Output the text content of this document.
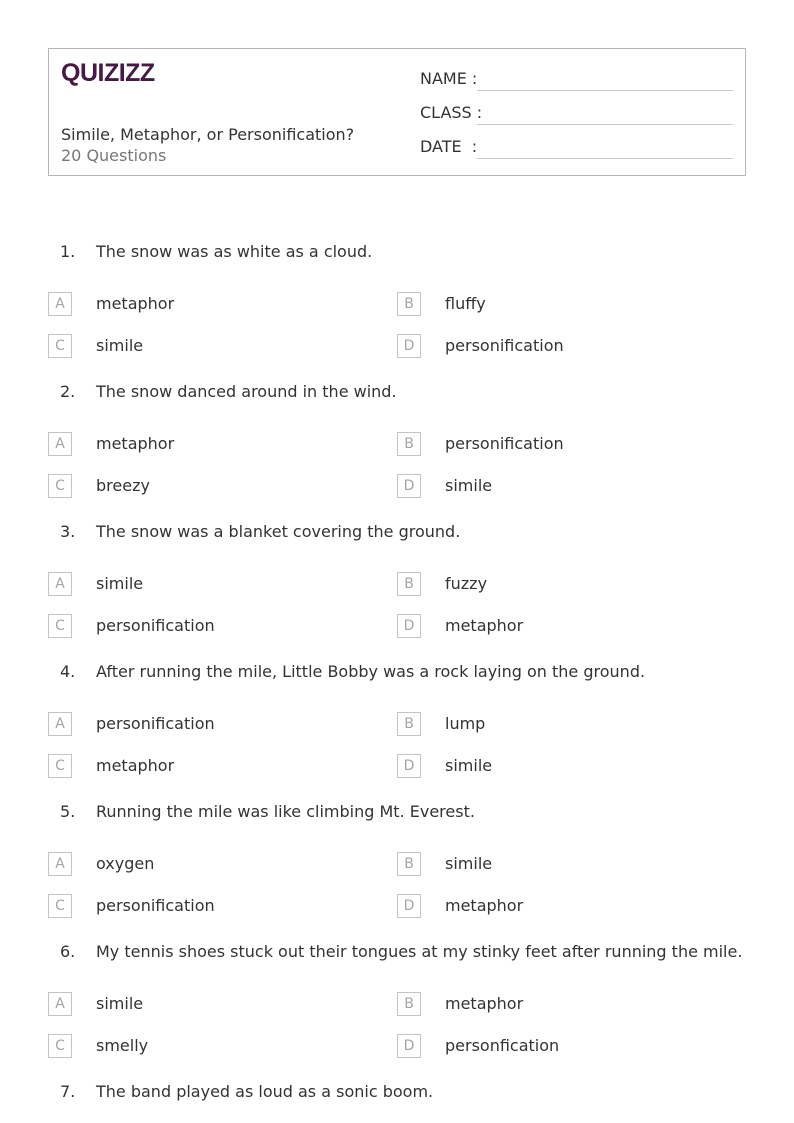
QUIZIZZ
Simile, Metaphor, or Personification?
20 Questions
NAME :
CLASS :
DATE  :
1. The snow was as white as a cloud.
A	metaphor	B	fluffy
C	simile	D	personification
2. The snow danced around in the wind.
A	metaphor	B	personification
C	breezy	D	simile
3. The snow was a blanket covering the ground.
A	simile	B	fuzzy
C	personification	D	metaphor
4. After running the mile, Little Bobby was a rock laying on the ground.
A	personification	B	lump
C	metaphor	D	simile
5. Running the mile was like climbing Mt. Everest.
A	oxygen	B	simile
C	personification	D	metaphor
6. My tennis shoes stuck out their tongues at my stinky feet after running the mile.
A	simile	B	metaphor
C	smelly	D	personfication
7. The band played as loud as a sonic boom.
